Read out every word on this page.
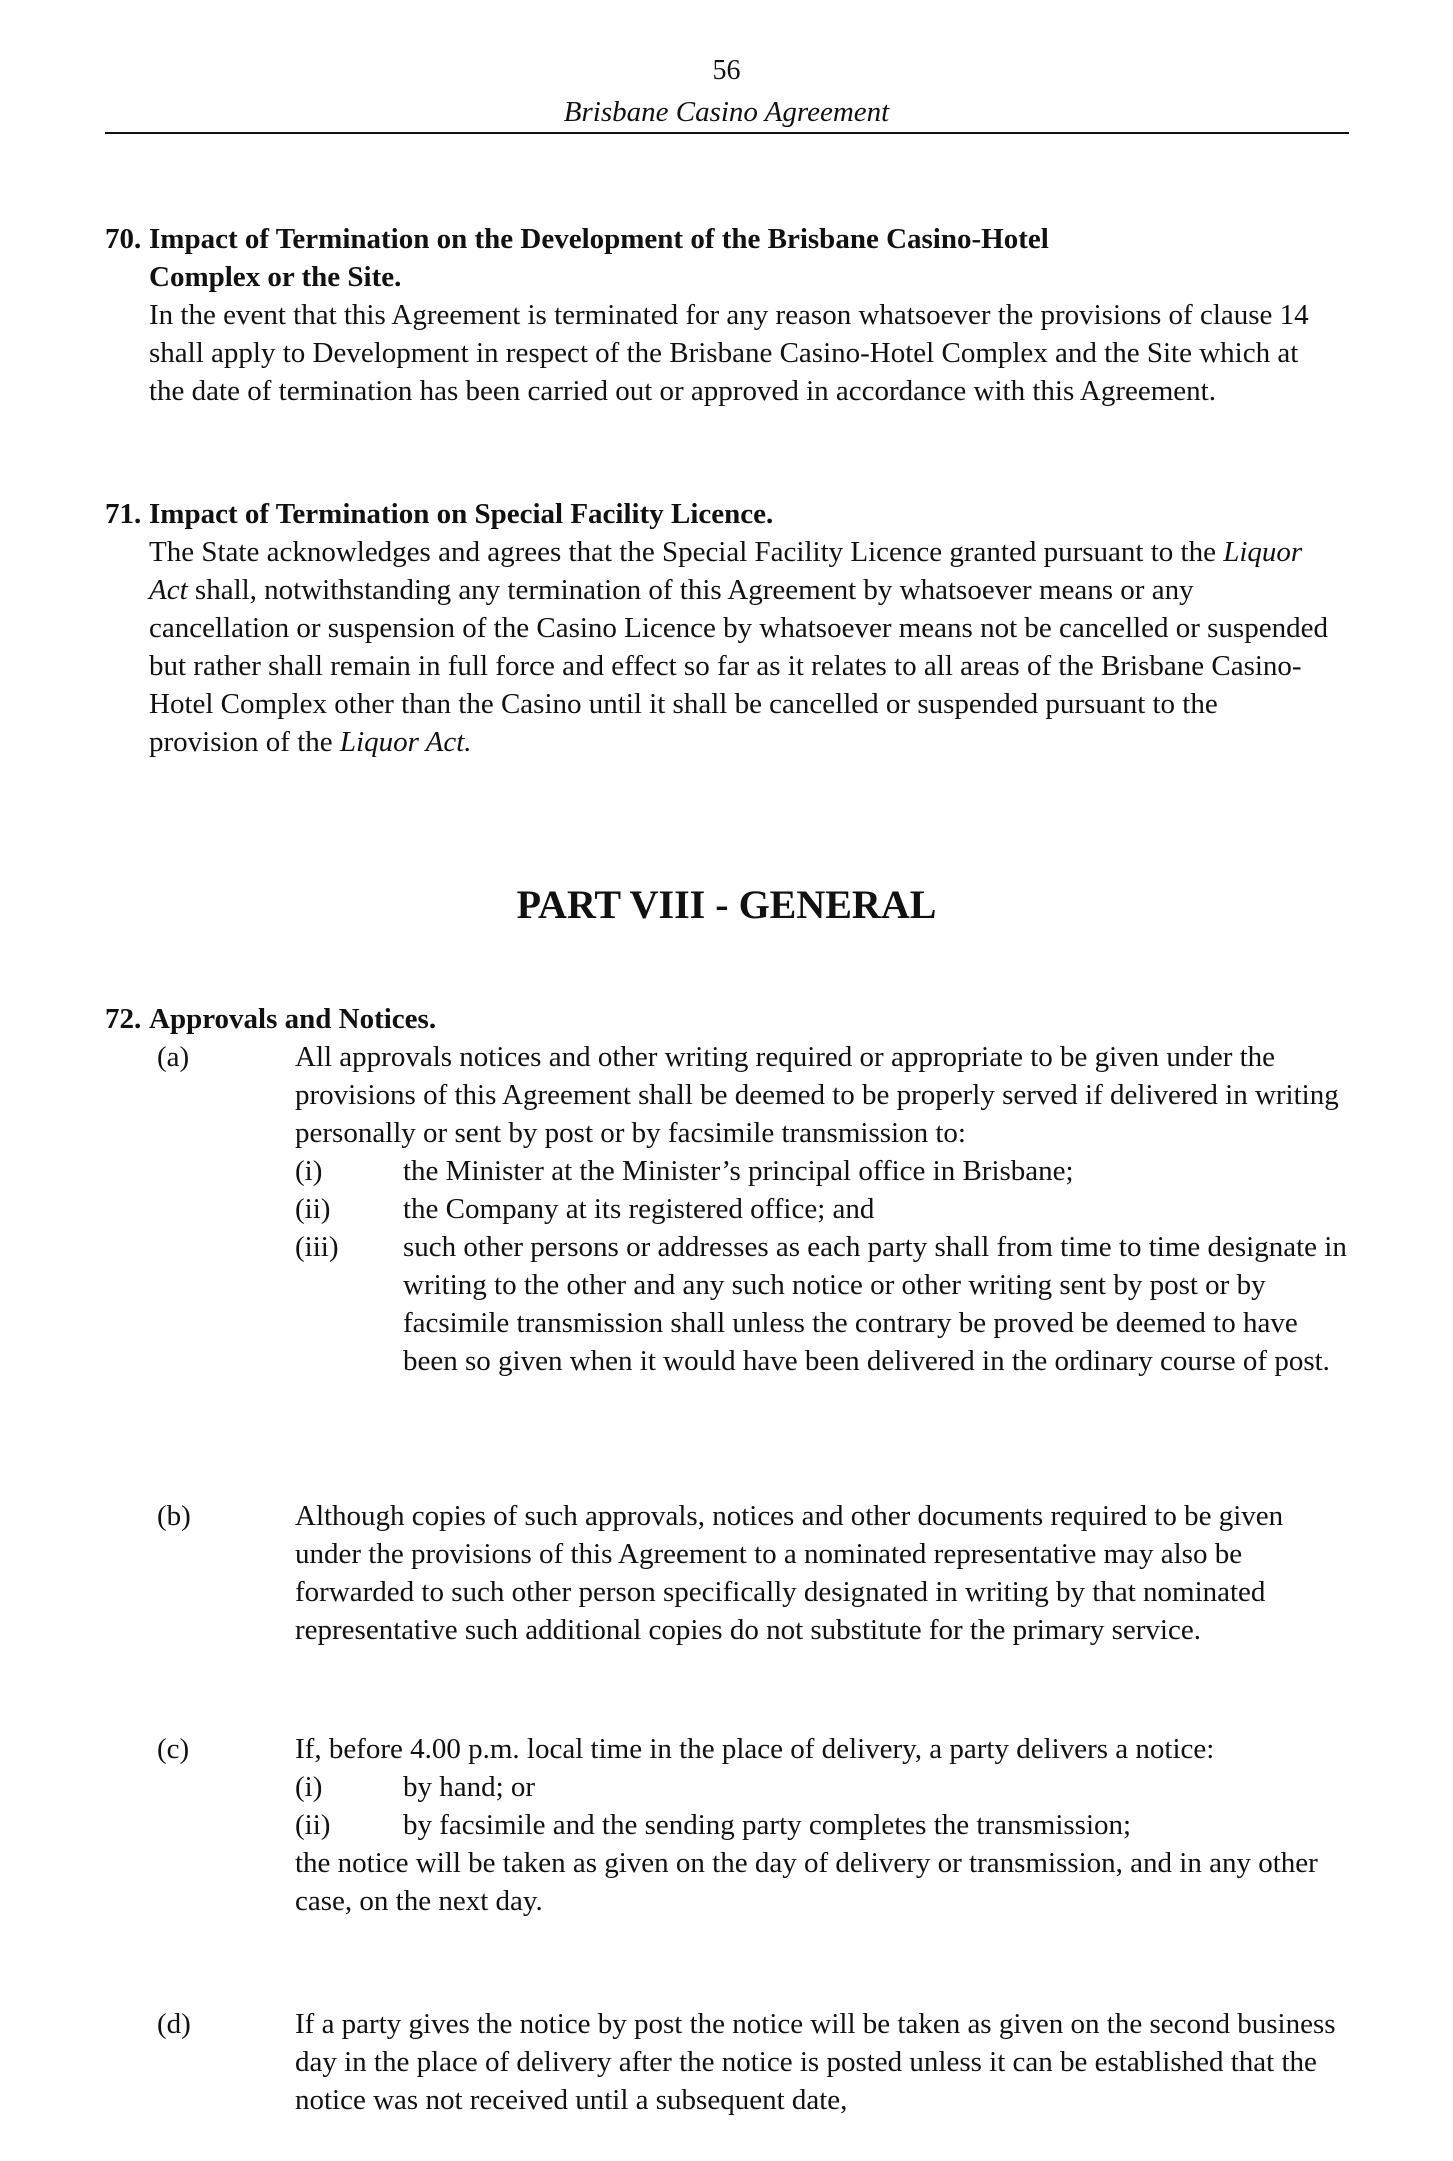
56
Brisbane Casino Agreement
70. Impact of Termination on the Development of the Brisbane Casino-Hotel
Complex or the Site.
In the event that this Agreement is terminated for any reason whatsoever the provisions of clause 14 shall apply to Development in respect of the Brisbane Casino-Hotel Complex and the Site which at the date of termination has been carried out or approved in accordance with this Agreement.
71. Impact of Termination on Special Facility Licence.
The State acknowledges and agrees that the Special Facility Licence granted pursuant to the Liquor Act shall, notwithstanding any termination of this Agreement by whatsoever means or any cancellation or suspension of the Casino Licence by whatsoever means not be cancelled or suspended but rather shall remain in full force and effect so far as it relates to all areas of the Brisbane Casino-Hotel Complex other than the Casino until it shall be cancelled or suspended pursuant to the provision of the Liquor Act.
PART VIII - GENERAL
72. Approvals and Notices.
(a)	All approvals notices and other writing required or appropriate to be given under the provisions of this Agreement shall be deemed to be properly served if delivered in writing personally or sent by post or by facsimile transmission to:
(i)	the Minister at the Minister’s principal office in Brisbane;
(ii)	the Company at its registered office; and
(iii)	such other persons or addresses as each party shall from time to time designate in writing to the other and any such notice or other writing sent by post or by facsimile transmission shall unless the contrary be proved be deemed to have been so given when it would have been delivered in the ordinary course of post.
(b)	Although copies of such approvals, notices and other documents required to be given under the provisions of this Agreement to a nominated representative may also be forwarded to such other person specifically designated in writing by that nominated representative such additional copies do not substitute for the primary service.
(c)	If, before 4.00 p.m. local time in the place of delivery, a party delivers a notice:
(i)	by hand; or
(ii)	by facsimile and the sending party completes the transmission;
the notice will be taken as given on the day of delivery or transmission, and in any other case, on the next day.
(d)	If a party gives the notice by post the notice will be taken as given on the second business day in the place of delivery after the notice is posted unless it can be established that the notice was not received until a subsequent date,
